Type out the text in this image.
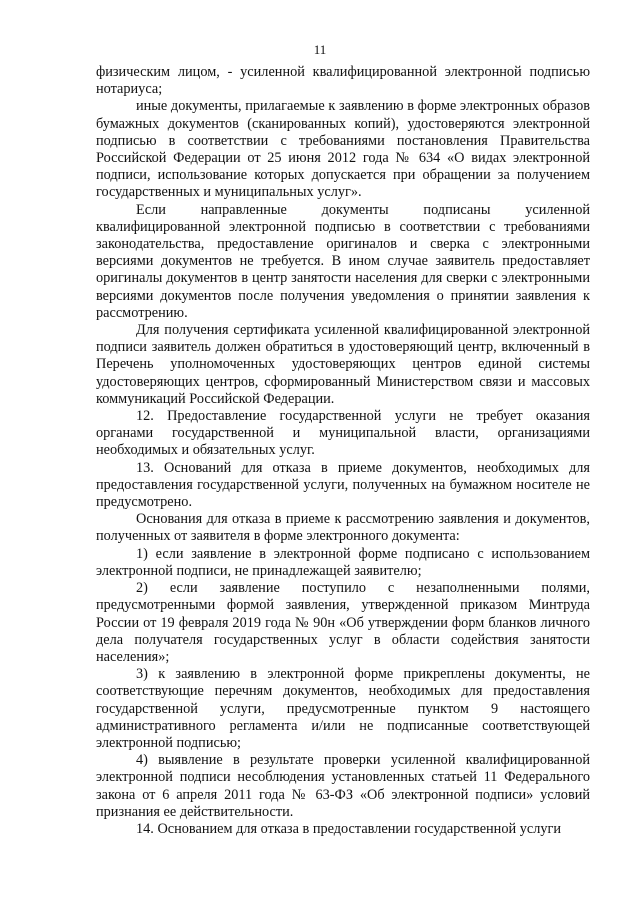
11

физическим лицом, - усиленной квалифицированной электронной подписью нотариуса;

иные документы, прилагаемые к заявлению в форме электронных образов бумажных документов (сканированных копий), удостоверяются электронной подписью в соответствии с требованиями постановления Правительства Российской Федерации от 25 июня 2012 года № 634 «О видах электронной подписи, использование которых допускается при обращении за получением государственных и муниципальных услуг».

Если направленные документы подписаны усиленной квалифицированной электронной подписью в соответствии с требованиями законодательства, предоставление оригиналов и сверка с электронными версиями документов не требуется. В ином случае заявитель предоставляет оригиналы документов в центр занятости населения для сверки с электронными версиями документов после получения уведомления о принятии заявления к рассмотрению.

Для получения сертификата усиленной квалифицированной электронной подписи заявитель должен обратиться в удостоверяющий центр, включенный в Перечень уполномоченных удостоверяющих центров единой системы удостоверяющих центров, сформированный Министерством связи и массовых коммуникаций Российской Федерации.

12. Предоставление государственной услуги не требует оказания органами государственной и муниципальной власти, организациями необходимых и обязательных услуг.

13. Оснований для отказа в приеме документов, необходимых для предоставления государственной услуги, полученных на бумажном носителе не предусмотрено.

Основания для отказа в приеме к рассмотрению заявления и документов, полученных от заявителя в форме электронного документа:

1) если заявление в электронной форме подписано с использованием электронной подписи, не принадлежащей заявителю;

2) если заявление поступило с незаполненными полями, предусмотренными формой заявления, утвержденной приказом Минтруда России от 19 февраля 2019 года № 90н «Об утверждении форм бланков личного дела получателя государственных услуг в области содействия занятости населения»;

3) к заявлению в электронной форме прикреплены документы, не соответствующие перечням документов, необходимых для предоставления государственной услуги, предусмотренные пунктом 9 настоящего административного регламента и/или не подписанные соответствующей электронной подписью;

4) выявление в результате проверки усиленной квалифицированной электронной подписи несоблюдения установленных статьей 11 Федерального закона от 6 апреля 2011 года № 63-ФЗ «Об электронной подписи» условий признания ее действительности.

14. Основанием для отказа в предоставлении государственной услуги
